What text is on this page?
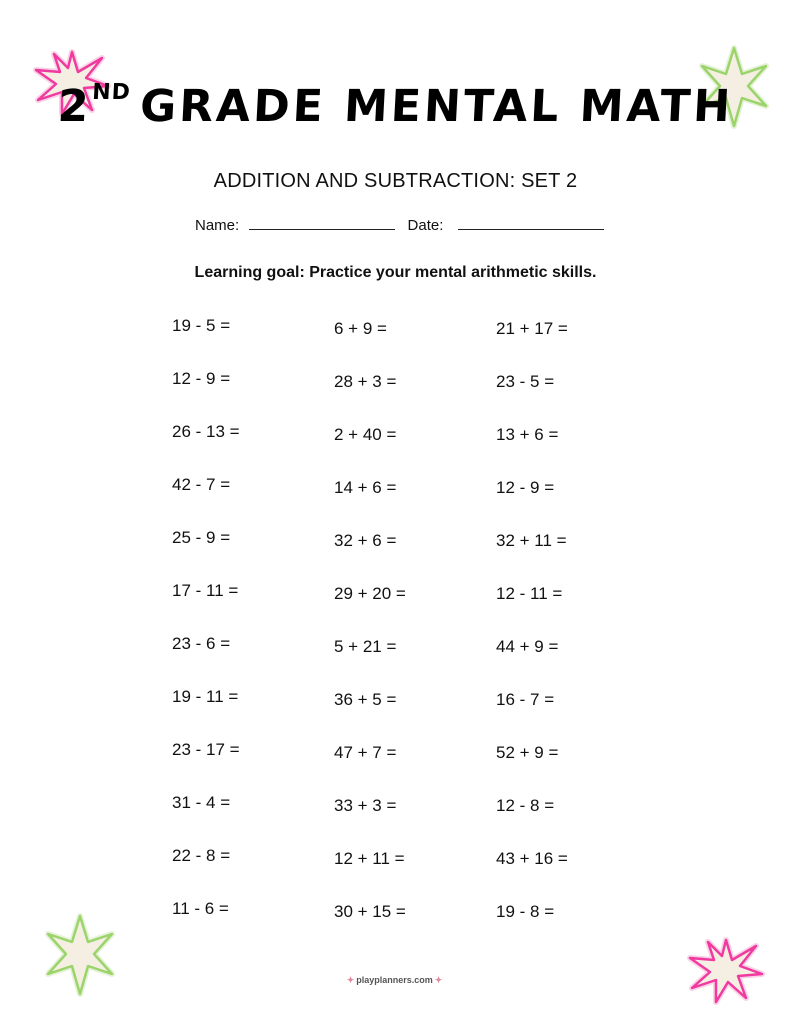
2ND GRADE MENTAL MATH
ADDITION AND SUBTRACTION: SET 2
Name:	Date:
Learning goal: Practice your mental arithmetic skills.
19 - 5 =
12 - 9 =
26 - 13 =
42 - 7 =
25 - 9 =
17 - 11 =
23 - 6 =
19 - 11 =
23 - 17 =
31 - 4 =
22 - 8 =
11 - 6 =
6 + 9 =
28 + 3 =
2 + 40 =
14 + 6 =
32 + 6 =
29 + 20 =
5 + 21 =
36 + 5 =
47 + 7 =
33 + 3 =
12 + 11 =
30 + 15 =
21 + 17 =
23 - 5 =
13 + 6 =
12 - 9 =
32 + 11 =
12 - 11 =
44 + 9 =
16 - 7 =
52 + 9 =
12 - 8 =
43 + 16 =
19 - 8 =
✦ playplanners.com ✦
